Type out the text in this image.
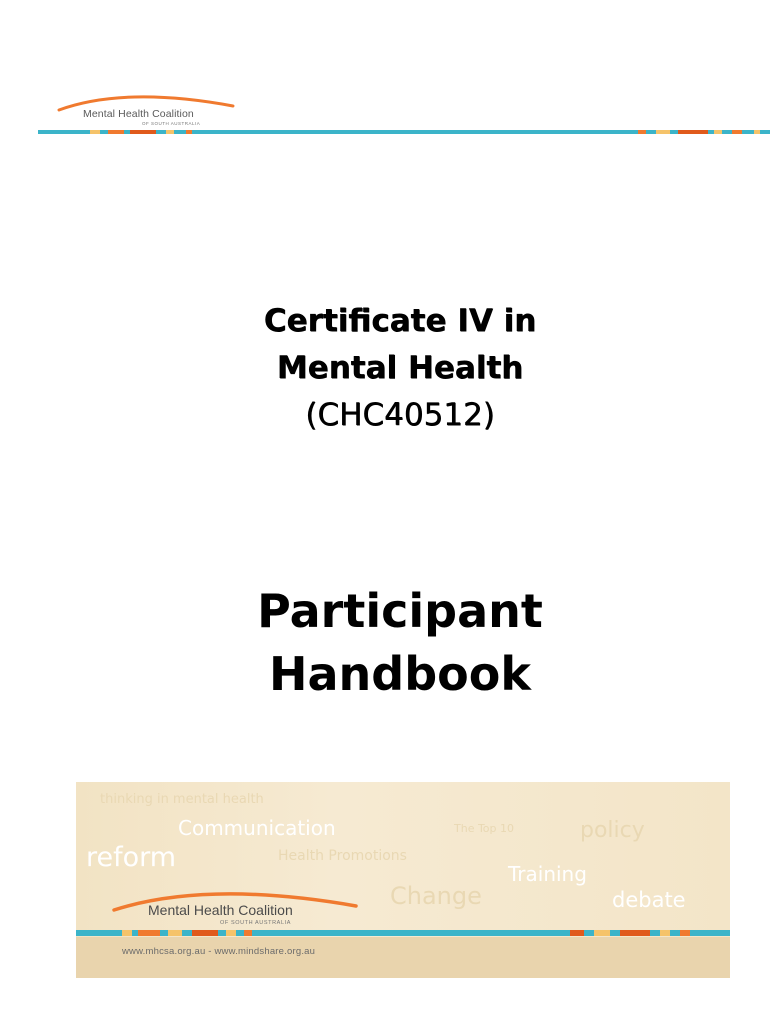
Mental Health Coalition
OF SOUTH AUSTRALIA
Certificate IV in
Mental Health
(CHC40512)
Participant
Handbook
thinking in mental health
Communication	The Top 10	policy
reform	Health Promotions
Training
Change	debate
Mental Health Coalition
OF SOUTH AUSTRALIA
www.mhcsa.org.au - www.mindshare.org.au
